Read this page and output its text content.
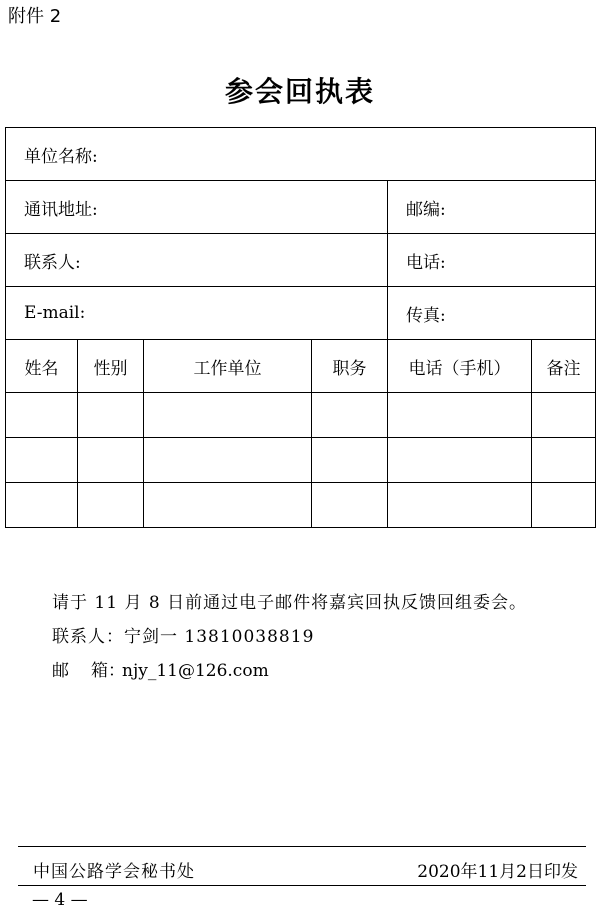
附件 2
参会回执表
单位名称:					
通讯地址:				邮编:	
联系人:				电话:	
E-mail:				传真:	
姓名	性别	工作单位	职务	电话（手机）	备注

请于 11 月 8 日前通过电子邮件将嘉宾回执反馈回组委会。
联系人：宁剑一 13810038819
邮 箱：njy_11@126.com
中国公路学会秘书处	2020年11月2日印发
— 4 —
